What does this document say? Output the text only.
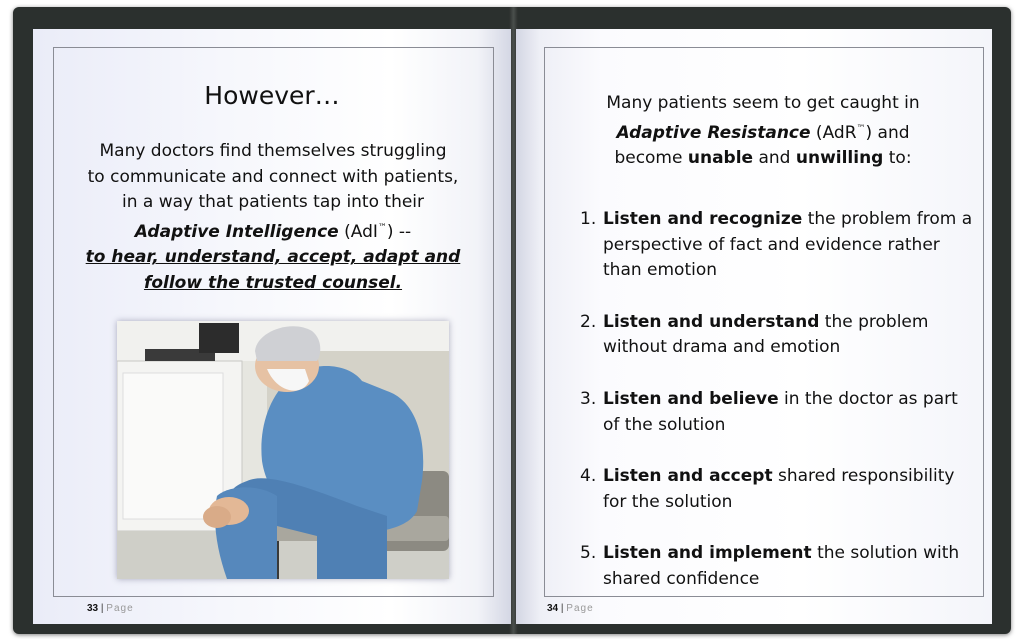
However…
Many doctors find themselves struggling
to communicate and connect with patients,
in a way that patients tap into their
Adaptive Intelligence (AdI™) --
to hear, understand, accept, adapt and
follow the trusted counsel.
33 | Page
Many patients seem to get caught in
Adaptive Resistance (AdR™) and
become unable and unwilling to:
1. Listen and recognize the problem from a perspective of fact and evidence rather than emotion
2. Listen and understand the problem without drama and emotion
3. Listen and believe in the doctor as part of the solution
4. Listen and accept shared responsibility for the solution
5. Listen and implement the solution with shared confidence
34 | Page
